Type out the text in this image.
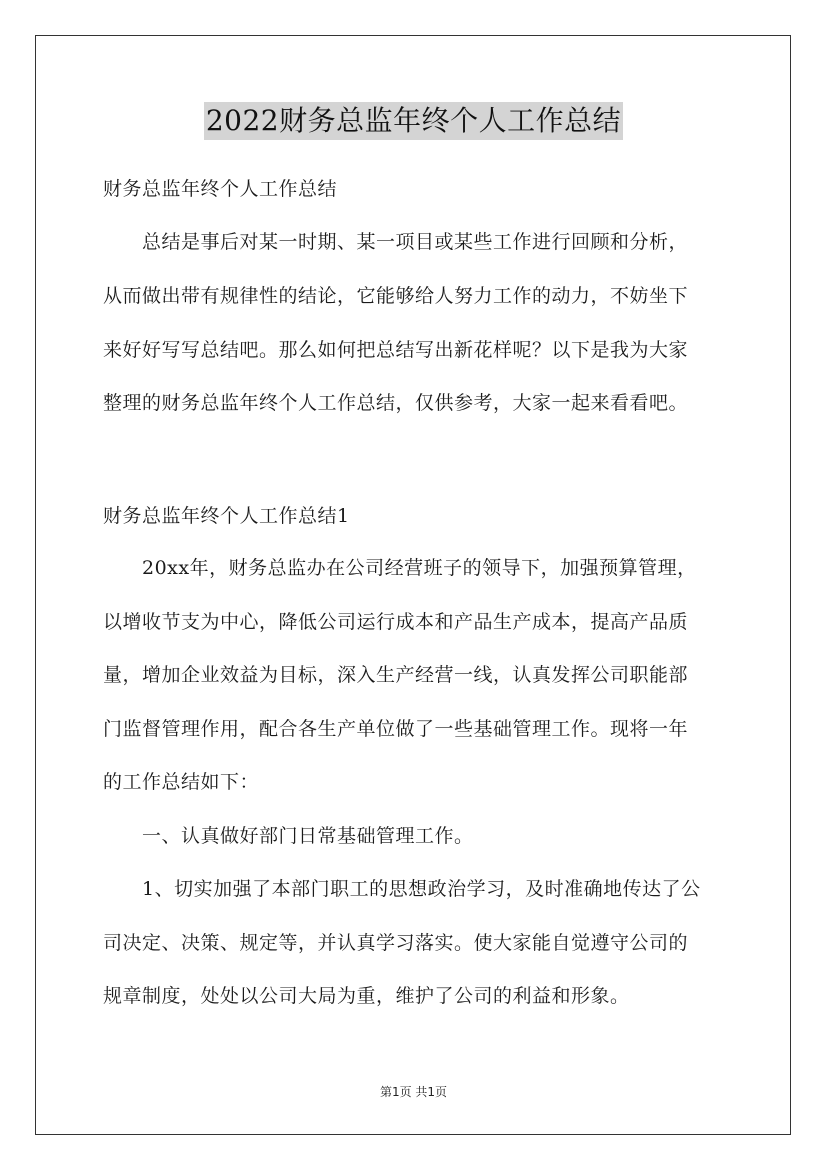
2022财务总监年终个人工作总结
财务总监年终个人工作总结
　　总结是事后对某一时期、某一项目或某些工作进行回顾和分析，
从而做出带有规律性的结论，它能够给人努力工作的动力，不妨坐下
来好好写写总结吧。那么如何把总结写出新花样呢？以下是我为大家
整理的财务总监年终个人工作总结，仅供参考，大家一起来看看吧。
财务总监年终个人工作总结1
　　20xx年，财务总监办在公司经营班子的领导下，加强预算管理，
以增收节支为中心，降低公司运行成本和产品生产成本，提高产品质
量，增加企业效益为目标，深入生产经营一线，认真发挥公司职能部
门监督管理作用，配合各生产单位做了一些基础管理工作。现将一年
的工作总结如下：
　　一、认真做好部门日常基础管理工作。
　　1、切实加强了本部门职工的思想政治学习，及时准确地传达了公
司决定、决策、规定等，并认真学习落实。使大家能自觉遵守公司的
规章制度，处处以公司大局为重，维护了公司的利益和形象。
第1页 共1页
